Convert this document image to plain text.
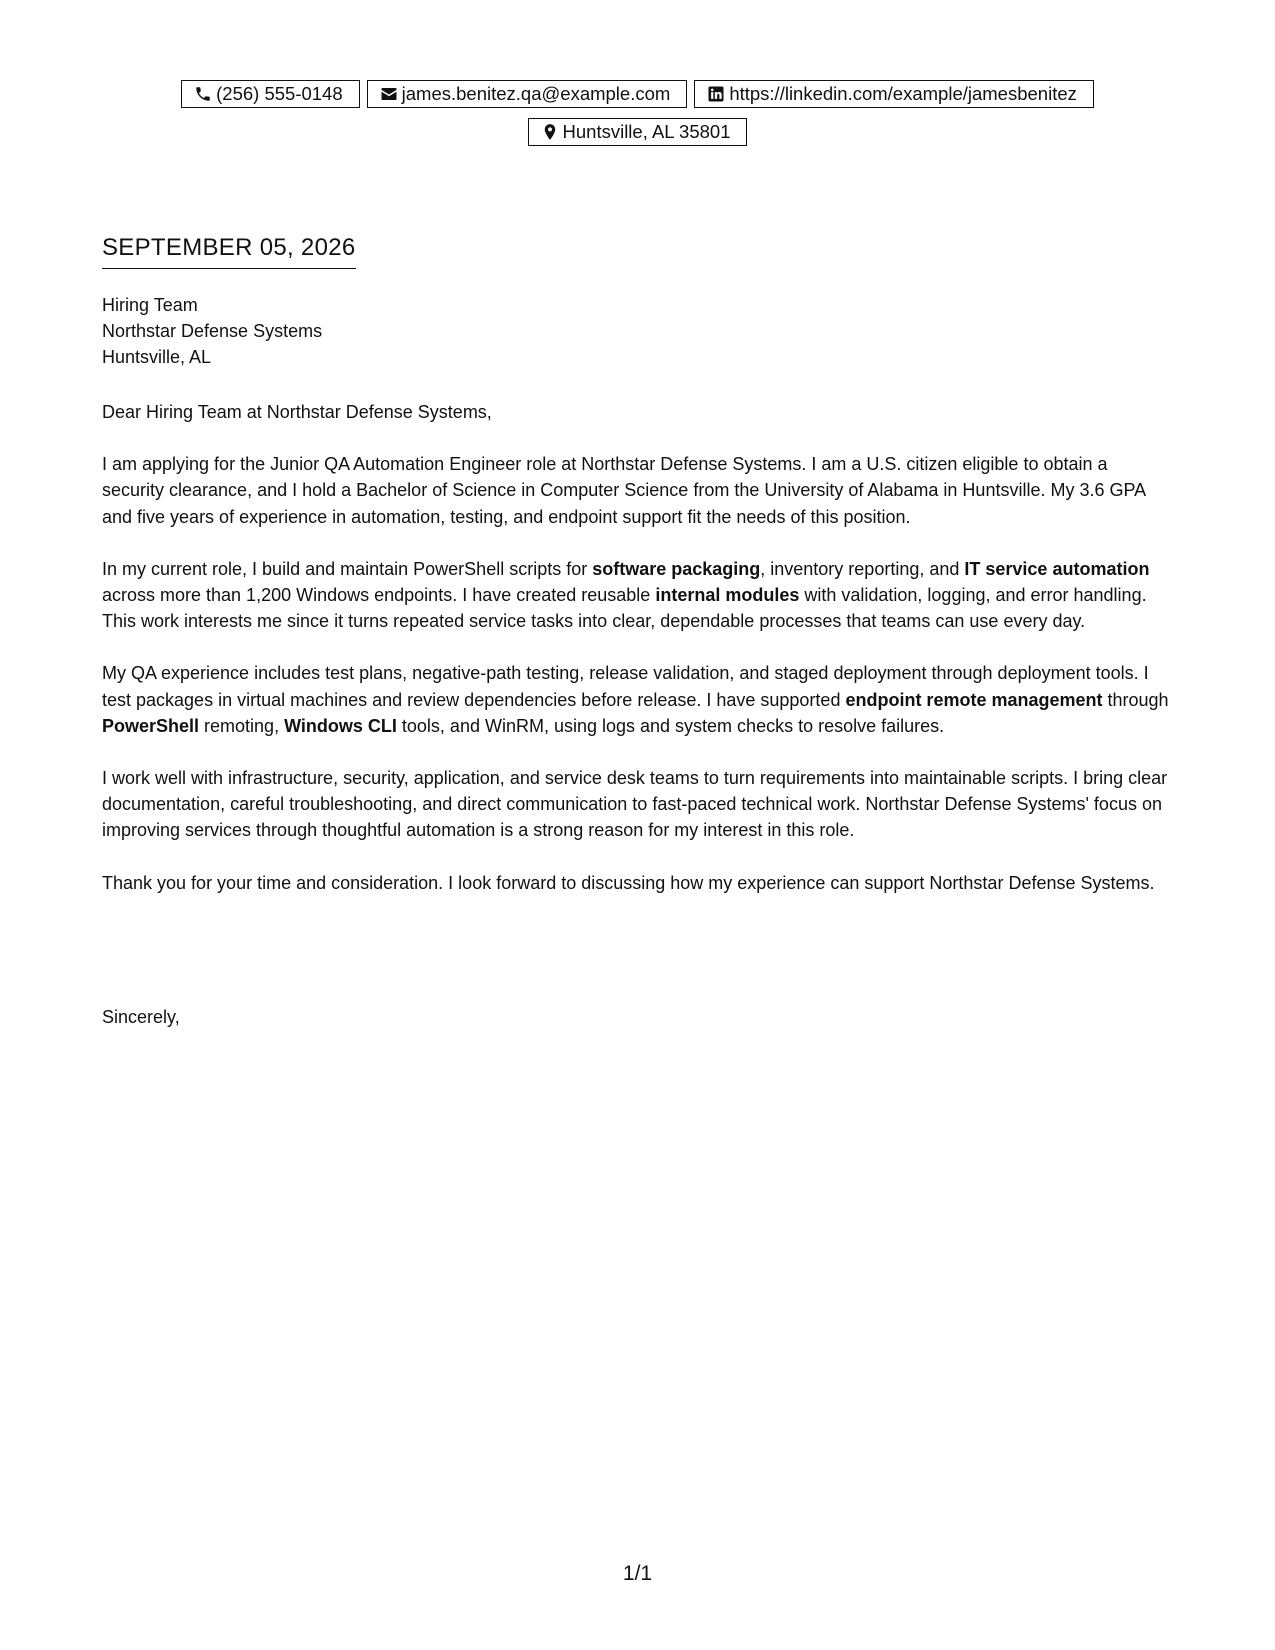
(256) 555-0148	james.benitez.qa@example.com	https://linkedin.com/example/jamesbenitez
Huntsville, AL 35801
SEPTEMBER 05, 2026
Hiring Team
Northstar Defense Systems
Huntsville, AL

Dear Hiring Team at Northstar Defense Systems,

I am applying for the Junior QA Automation Engineer role at Northstar Defense Systems. I am a U.S. citizen eligible to obtain a security clearance, and I hold a Bachelor of Science in Computer Science from the University of Alabama in Huntsville. My 3.6 GPA and five years of experience in automation, testing, and endpoint support fit the needs of this position.

In my current role, I build and maintain PowerShell scripts for software packaging, inventory reporting, and IT service automation across more than 1,200 Windows endpoints. I have created reusable internal modules with validation, logging, and error handling. This work interests me since it turns repeated service tasks into clear, dependable processes that teams can use every day.

My QA experience includes test plans, negative-path testing, release validation, and staged deployment through deployment tools. I test packages in virtual machines and review dependencies before release. I have supported endpoint remote management through PowerShell remoting, Windows CLI tools, and WinRM, using logs and system checks to resolve failures.

I work well with infrastructure, security, application, and service desk teams to turn requirements into maintainable scripts. I bring clear documentation, careful troubleshooting, and direct communication to fast-paced technical work. Northstar Defense Systems' focus on improving services through thoughtful automation is a strong reason for my interest in this role.

Thank you for your time and consideration. I look forward to discussing how my experience can support Northstar Defense Systems.

Sincerely,
1/1
